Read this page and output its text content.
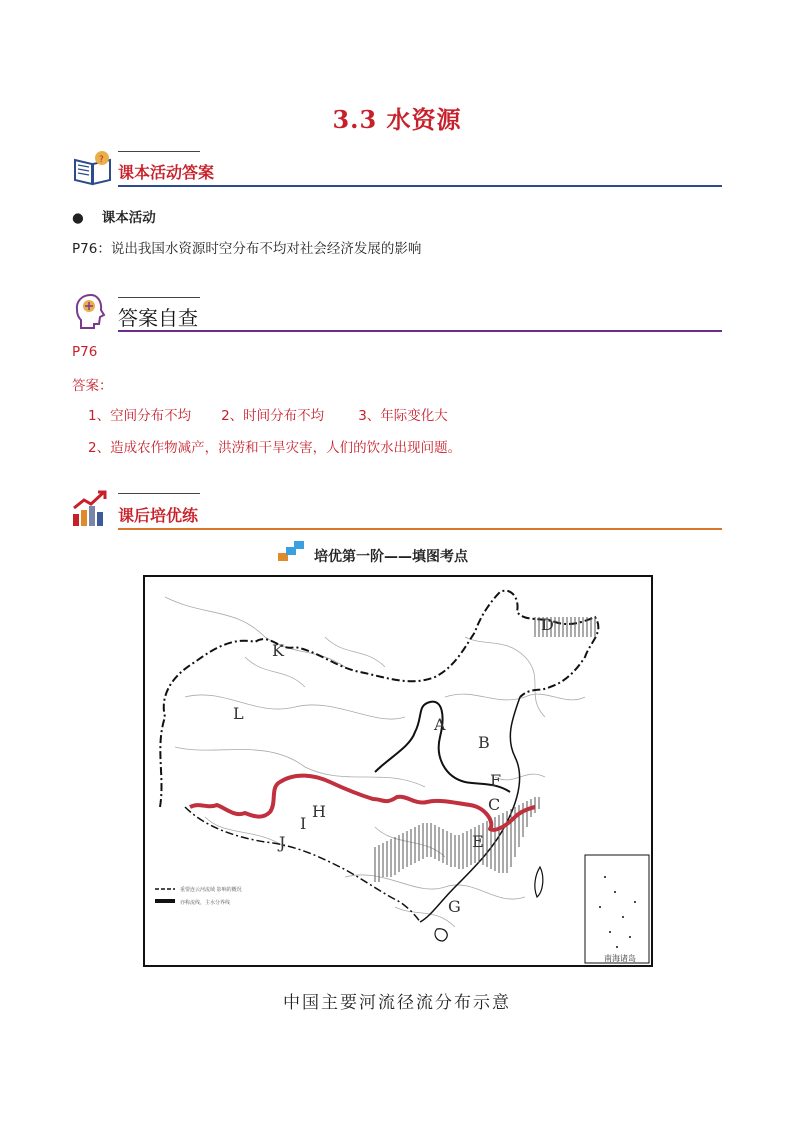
3.3 水资源
?
课本活动答案
● 课本活动
P76：说出我国水资源时空分布不均对社会经济发展的影响
答案自查
P76
答案：
1、空间分布不均 2、时间分布不均	3、年际变化大
2、造成农作物减产，洪涝和干旱灾害，人们的饮水出现问题。
课后培优练
培优第一阶——填图考点
南海诸岛
重要连云河流域 影响的概况
亦称流线，主水分界线
K
L
A
B
D
F
C
H
I
J	E
G
中国主要河流径流分布示意
